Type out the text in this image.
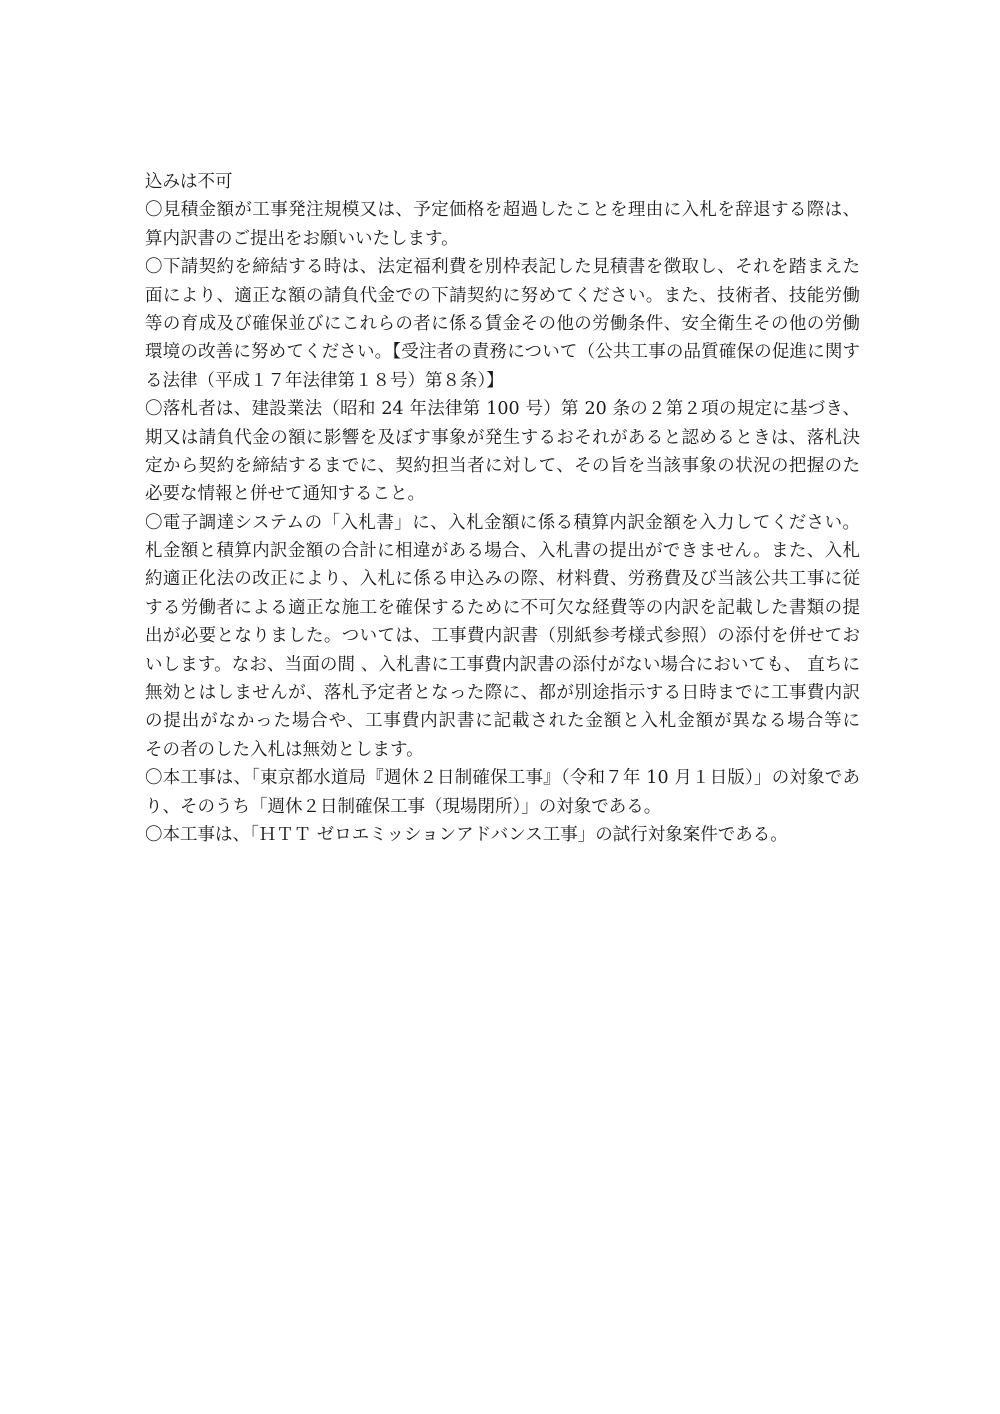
込みは不可
〇見積金額が工事発注規模又は、予定価格を超過したことを理由に入札を辞退する際は、
算内訳書のご提出をお願いいたします。
〇下請契約を締結する時は、法定福利費を別枠表記した見積書を徴取し、それを踏まえた
面により、適正な額の請負代金での下請契約に努めてください。また、技術者、技能労働
等の育成及び確保並びにこれらの者に係る賃金その他の労働条件、安全衛生その他の労働
環境の改善に努めてください。【受注者の責務について（公共工事の品質確保の促進に関す
る法律（平成１７年法律第１８号）第８条）】
〇落札者は、建設業法（昭和 24 年法律第 100 号）第 20 条の２第２項の規定に基づき、
期又は請負代金の額に影響を及ぼす事象が発生するおそれがあると認めるときは、落札決
定から契約を締結するまでに、契約担当者に対して、その旨を当該事象の状況の把握のた
必要な情報と併せて通知すること。
〇電子調達システムの「入札書」に、入札金額に係る積算内訳金額を入力してください。
札金額と積算内訳金額の合計に相違がある場合、入札書の提出ができません。また、入札
約適正化法の改正により、入札に係る申込みの際、材料費、労務費及び当該公共工事に従
する労働者による適正な施工を確保するために不可欠な経費等の内訳を記載した書類の提
出が必要となりました。ついては、工事費内訳書（別紙参考様式参照）の添付を併せてお
いします。なお、当面の間 、入札書に工事費内訳書の添付がない場合においても、 直ちに
無効とはしませんが、落札予定者となった際に、都が別途指示する日時までに工事費内訳
の提出がなかった場合や、工事費内訳書に記載された金額と入札金額が異なる場合等に
その者のした入札は無効とします。
〇本工事は、「東京都水道局『週休２日制確保工事』（令和７年 10 月１日版）」の対象であ
り、そのうち「週休２日制確保工事（現場閉所）」の対象である。
〇本工事は、「ＨＴＴ ゼロエミッションアドバンス工事」の試行対象案件である。
